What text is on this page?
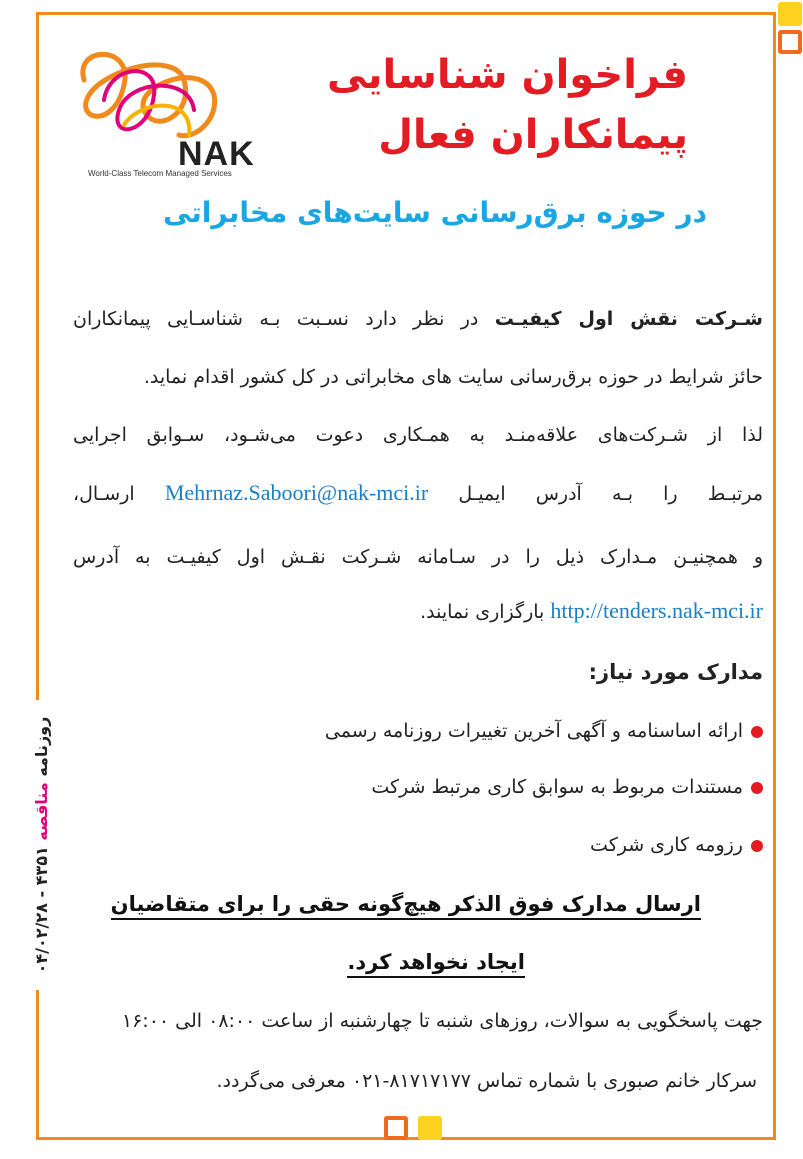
NAK
World-Class Telecom Managed Services
فراخوان شناسایی
پیمانکاران فعال
در حوزه برق‌رسانی سایت‌های مخابراتی
شـرکت نقش اول کیفیـت در نظر دارد نسـبت بـه شناسـایی پیمانکاران
حائز شرایط در حوزه برق‌رسانی سایت های مخابراتی در کل کشور اقدام نماید.
لذا از شـرکت‌های علاقه‌منـد به همـکاری دعوت می‌شـود، سـوابق اجرایی
مرتبـط را بـه آدرس ایمیـل Mehrnaz.Saboori@nak-mci.ir ارسـال،
و همچنیـن مـدارک ذیل را در سـامانه شـرکت نقـش اول کیفیـت به آدرس
http://tenders.nak-mci.ir بارگزاری نمایند.
مدارک مورد نیاز:
ارائه اساسنامه و آگهی آخرین تغییرات روزنامه رسمی
مستندات مربوط به سوابق کاری مرتبط شرکت
رزومه کاری شرکت
ارسال مدارک فوق الذکر هیچ‌گونه حقی را برای متقاضیان
ایجاد نخواهد کرد.
جهت پاسخگویی به سوالات، روزهای شنبه تا چهارشنبه از ساعت ۰۸:۰۰ الی ۱۶:۰۰
سرکار خانم صبوری با شماره تماس ۸۱۷۱۷۱۷۷-۰۲۱ معرفی می‌گردد.
روزنامه مناقصه ۴۳۵۱ - ۰۴/۰۲/۲۸
